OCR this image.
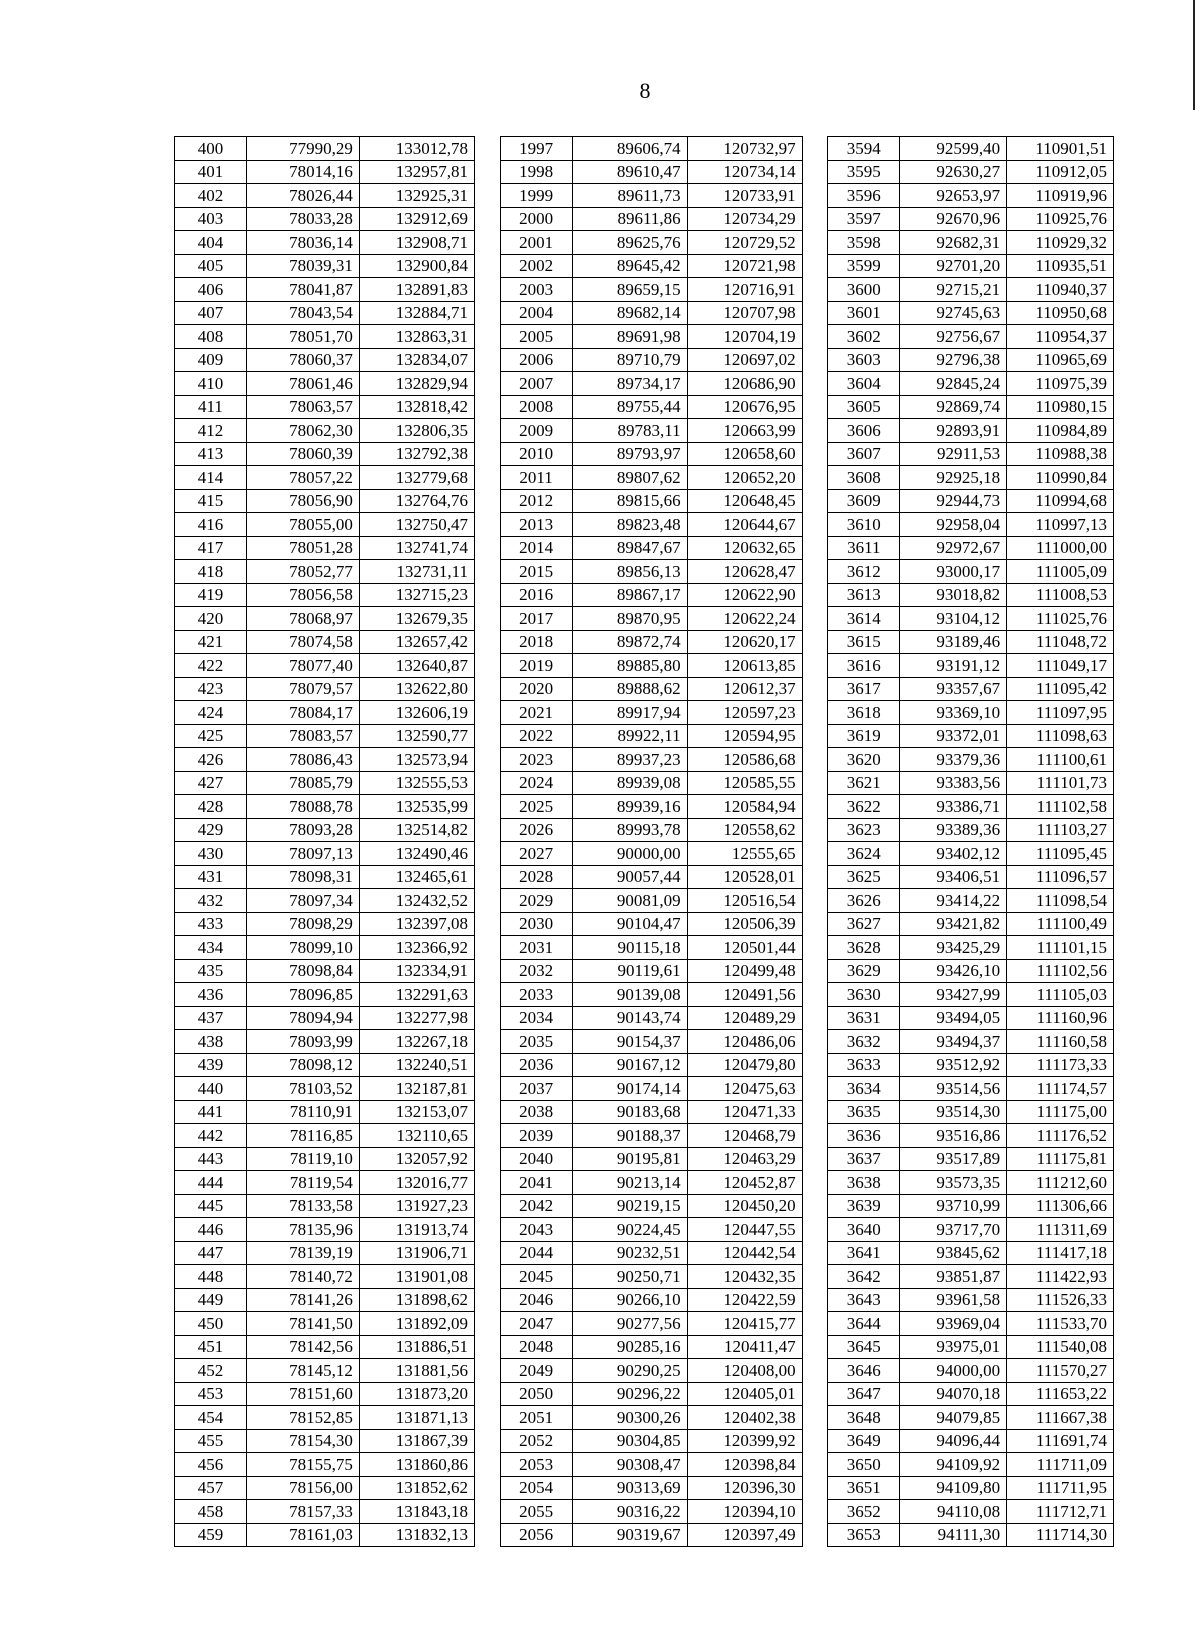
8
400	77990,29	133012,78		1997	89606,74	120732,97		3594	92599,40	110901,51
401	78014,16	132957,81		1998	89610,47	120734,14		3595	92630,27	110912,05
402	78026,44	132925,31		1999	89611,73	120733,91		3596	92653,97	110919,96
403	78033,28	132912,69		2000	89611,86	120734,29		3597	92670,96	110925,76
404	78036,14	132908,71		2001	89625,76	120729,52		3598	92682,31	110929,32
405	78039,31	132900,84		2002	89645,42	120721,98		3599	92701,20	110935,51
406	78041,87	132891,83		2003	89659,15	120716,91		3600	92715,21	110940,37
407	78043,54	132884,71		2004	89682,14	120707,98		3601	92745,63	110950,68
408	78051,70	132863,31		2005	89691,98	120704,19		3602	92756,67	110954,37
409	78060,37	132834,07		2006	89710,79	120697,02		3603	92796,38	110965,69
410	78061,46	132829,94		2007	89734,17	120686,90		3604	92845,24	110975,39
411	78063,57	132818,42		2008	89755,44	120676,95		3605	92869,74	110980,15
412	78062,30	132806,35		2009	89783,11	120663,99		3606	92893,91	110984,89
413	78060,39	132792,38		2010	89793,97	120658,60		3607	92911,53	110988,38
414	78057,22	132779,68		2011	89807,62	120652,20		3608	92925,18	110990,84
415	78056,90	132764,76		2012	89815,66	120648,45		3609	92944,73	110994,68
416	78055,00	132750,47		2013	89823,48	120644,67		3610	92958,04	110997,13
417	78051,28	132741,74		2014	89847,67	120632,65		3611	92972,67	111000,00
418	78052,77	132731,11		2015	89856,13	120628,47		3612	93000,17	111005,09
419	78056,58	132715,23		2016	89867,17	120622,90		3613	93018,82	111008,53
420	78068,97	132679,35		2017	89870,95	120622,24		3614	93104,12	111025,76
421	78074,58	132657,42		2018	89872,74	120620,17		3615	93189,46	111048,72
422	78077,40	132640,87		2019	89885,80	120613,85		3616	93191,12	111049,17
423	78079,57	132622,80		2020	89888,62	120612,37		3617	93357,67	111095,42
424	78084,17	132606,19		2021	89917,94	120597,23		3618	93369,10	111097,95
425	78083,57	132590,77		2022	89922,11	120594,95		3619	93372,01	111098,63
426	78086,43	132573,94		2023	89937,23	120586,68		3620	93379,36	111100,61
427	78085,79	132555,53		2024	89939,08	120585,55		3621	93383,56	111101,73
428	78088,78	132535,99		2025	89939,16	120584,94		3622	93386,71	111102,58
429	78093,28	132514,82		2026	89993,78	120558,62		3623	93389,36	111103,27
430	78097,13	132490,46		2027	90000,00	12555,65		3624	93402,12	111095,45
431	78098,31	132465,61		2028	90057,44	120528,01		3625	93406,51	111096,57
432	78097,34	132432,52		2029	90081,09	120516,54		3626	93414,22	111098,54
433	78098,29	132397,08		2030	90104,47	120506,39		3627	93421,82	111100,49
434	78099,10	132366,92		2031	90115,18	120501,44		3628	93425,29	111101,15
435	78098,84	132334,91		2032	90119,61	120499,48		3629	93426,10	111102,56
436	78096,85	132291,63		2033	90139,08	120491,56		3630	93427,99	111105,03
437	78094,94	132277,98		2034	90143,74	120489,29		3631	93494,05	111160,96
438	78093,99	132267,18		2035	90154,37	120486,06		3632	93494,37	111160,58
439	78098,12	132240,51		2036	90167,12	120479,80		3633	93512,92	111173,33
440	78103,52	132187,81		2037	90174,14	120475,63		3634	93514,56	111174,57
441	78110,91	132153,07		2038	90183,68	120471,33		3635	93514,30	111175,00
442	78116,85	132110,65		2039	90188,37	120468,79		3636	93516,86	111176,52
443	78119,10	132057,92		2040	90195,81	120463,29		3637	93517,89	111175,81
444	78119,54	132016,77		2041	90213,14	120452,87		3638	93573,35	111212,60
445	78133,58	131927,23		2042	90219,15	120450,20		3639	93710,99	111306,66
446	78135,96	131913,74		2043	90224,45	120447,55		3640	93717,70	111311,69
447	78139,19	131906,71		2044	90232,51	120442,54		3641	93845,62	111417,18
448	78140,72	131901,08		2045	90250,71	120432,35		3642	93851,87	111422,93
449	78141,26	131898,62		2046	90266,10	120422,59		3643	93961,58	111526,33
450	78141,50	131892,09		2047	90277,56	120415,77		3644	93969,04	111533,70
451	78142,56	131886,51		2048	90285,16	120411,47		3645	93975,01	111540,08
452	78145,12	131881,56		2049	90290,25	120408,00		3646	94000,00	111570,27
453	78151,60	131873,20		2050	90296,22	120405,01		3647	94070,18	111653,22
454	78152,85	131871,13		2051	90300,26	120402,38		3648	94079,85	111667,38
455	78154,30	131867,39		2052	90304,85	120399,92		3649	94096,44	111691,74
456	78155,75	131860,86		2053	90308,47	120398,84		3650	94109,92	111711,09
457	78156,00	131852,62		2054	90313,69	120396,30		3651	94109,80	111711,95
458	78157,33	131843,18		2055	90316,22	120394,10		3652	94110,08	111712,71
459	78161,03	131832,13		2056	90319,67	120397,49		3653	94111,30	111714,30
